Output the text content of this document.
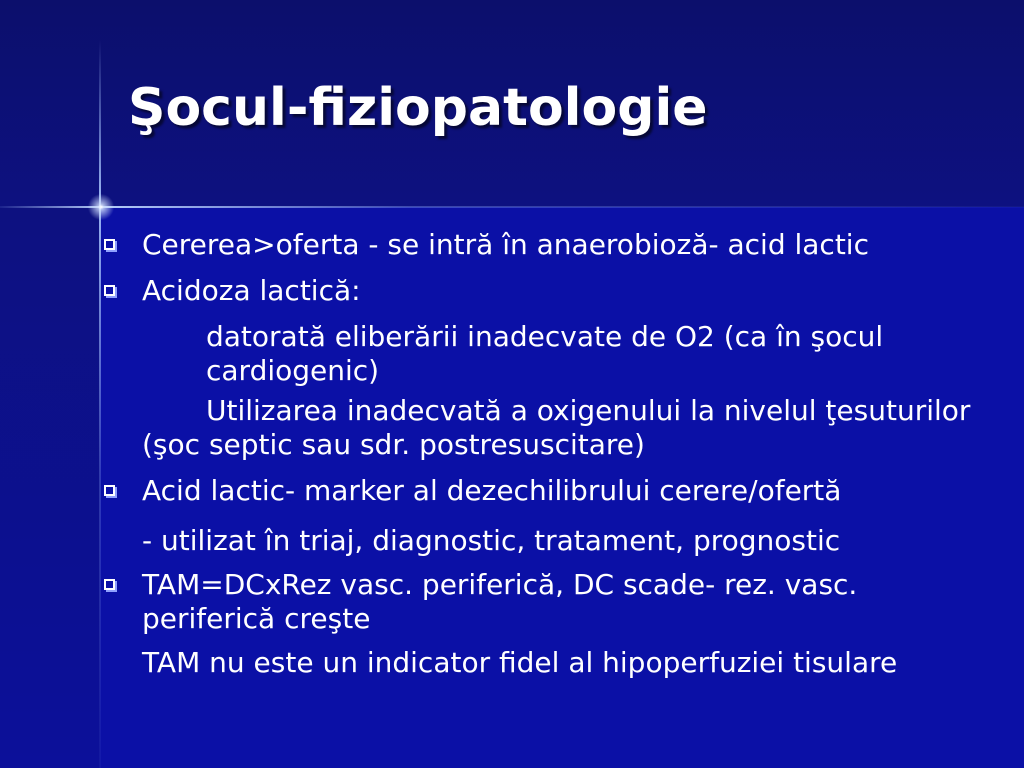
Şocul-fiziopatologie
Cererea>oferta - se intră în anaerobioză- acid lactic
Acidoza lactică:
datorată eliberării inadecvate de O2 (ca în şocul cardiogenic)
Utilizarea inadecvată a oxigenului la nivelul ţesuturilor (şoc septic sau sdr. postresuscitare)
Acid lactic- marker al dezechilibrului cerere/ofertă
- utilizat în triaj, diagnostic, tratament, prognostic
TAM=DCxRez vasc. periferică, DC scade- rez. vasc. periferică creşte
TAM nu este un indicator fidel al hipoperfuziei tisulare
